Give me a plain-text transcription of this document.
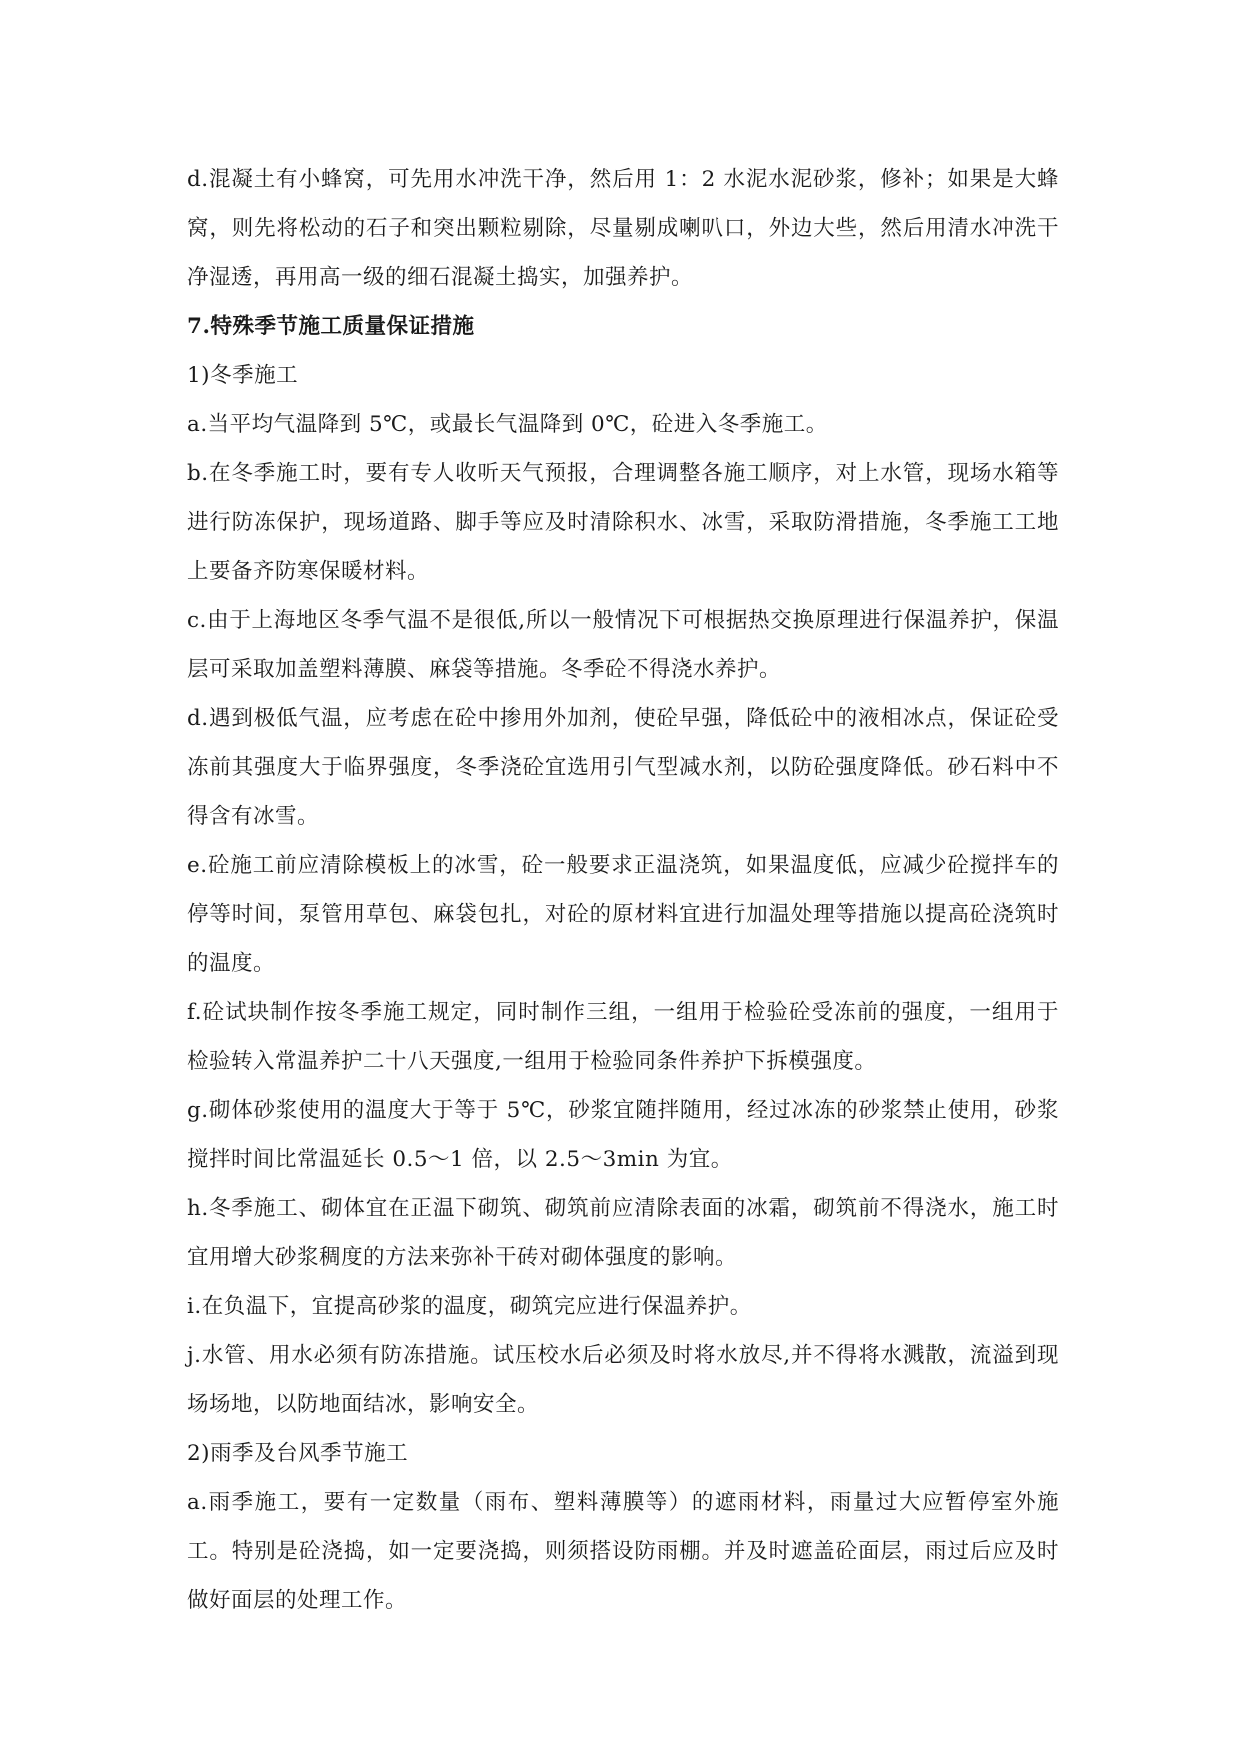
d.混凝土有小蜂窝，可先用水冲洗干净，然后用 1：2 水泥水泥砂浆，修补；如果是大蜂窝，则先将松动的石子和突出颗粒剔除，尽量剔成喇叭口，外边大些，然后用清水冲洗干净湿透，再用高一级的细石混凝土捣实，加强养护。

7.特殊季节施工质量保证措施

1)冬季施工

a.当平均气温降到 5℃，或最长气温降到 0℃，砼进入冬季施工。

b.在冬季施工时，要有专人收听天气预报，合理调整各施工顺序，对上水管，现场水箱等进行防冻保护，现场道路、脚手等应及时清除积水、冰雪，采取防滑措施，冬季施工工地上要备齐防寒保暖材料。

c.由于上海地区冬季气温不是很低,所以一般情况下可根据热交换原理进行保温养护，保温层可采取加盖塑料薄膜、麻袋等措施。冬季砼不得浇水养护。

d.遇到极低气温，应考虑在砼中掺用外加剂，使砼早强，降低砼中的液相冰点，保证砼受冻前其强度大于临界强度，冬季浇砼宜选用引气型减水剂，以防砼强度降低。砂石料中不得含有冰雪。

e.砼施工前应清除模板上的冰雪，砼一般要求正温浇筑，如果温度低，应减少砼搅拌车的停等时间，泵管用草包、麻袋包扎，对砼的原材料宜进行加温处理等措施以提高砼浇筑时的温度。

f.砼试块制作按冬季施工规定，同时制作三组，一组用于检验砼受冻前的强度，一组用于检验转入常温养护二十八天强度,一组用于检验同条件养护下拆模强度。

g.砌体砂浆使用的温度大于等于 5℃，砂浆宜随拌随用，经过冰冻的砂浆禁止使用，砂浆搅拌时间比常温延长 0.5～1 倍，以 2.5～3min 为宜。

h.冬季施工、砌体宜在正温下砌筑、砌筑前应清除表面的冰霜，砌筑前不得浇水，施工时宜用增大砂浆稠度的方法来弥补干砖对砌体强度的影响。

i.在负温下，宜提高砂浆的温度，砌筑完应进行保温养护。

j.水管、用水必须有防冻措施。试压校水后必须及时将水放尽,并不得将水溅散，流溢到现场场地，以防地面结冰，影响安全。

2)雨季及台风季节施工

a.雨季施工，要有一定数量（雨布、塑料薄膜等）的遮雨材料，雨量过大应暂停室外施工。特别是砼浇捣，如一定要浇捣，则须搭设防雨棚。并及时遮盖砼面层，雨过后应及时做好面层的处理工作。
